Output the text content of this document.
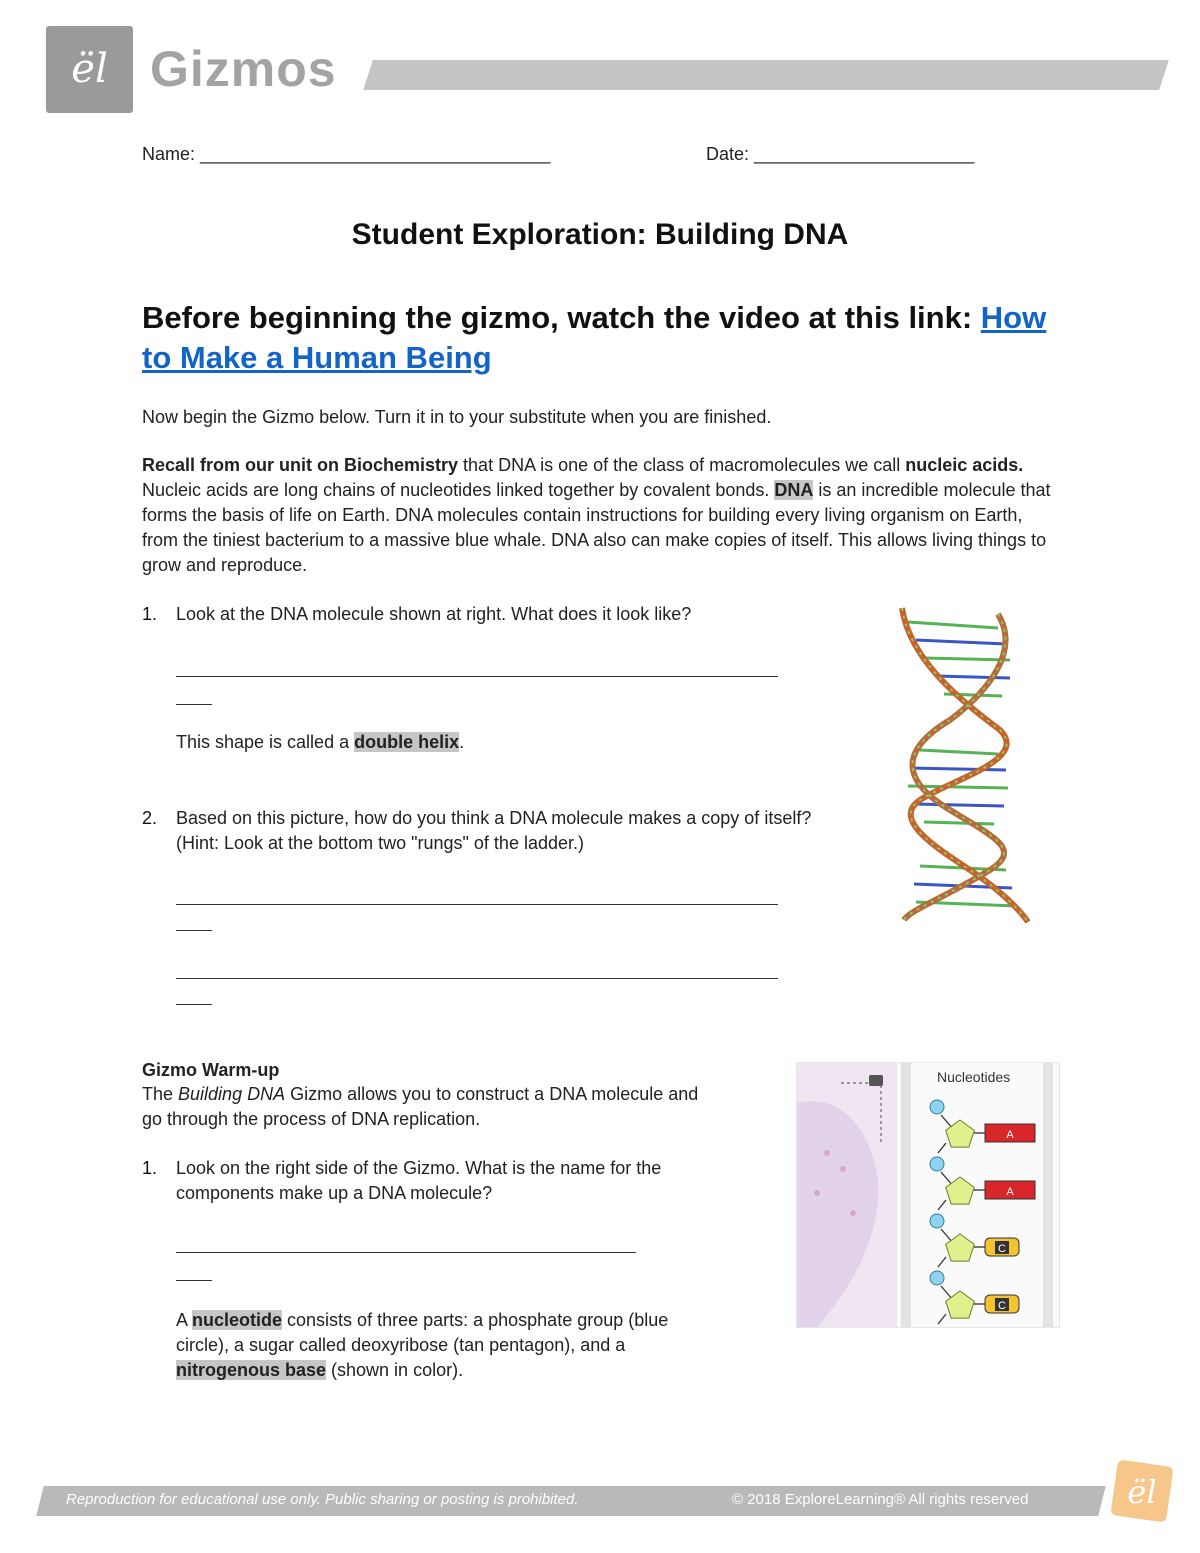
ël Gizmos
Name: ___________________________________	Date: ______________________
Student Exploration: Building DNA
Before beginning the gizmo, watch the video at this link: How to Make a Human Being
Now begin the Gizmo below. Turn it in to your substitute when you are finished.
Recall from our unit on Biochemistry that DNA is one of the class of macromolecules we call nucleic acids. Nucleic acids are long chains of nucleotides linked together by covalent bonds. DNA is an incredible molecule that forms the basis of life on Earth. DNA molecules contain instructions for building every living organism on Earth, from the tiniest bacterium to a massive blue whale. DNA also can make copies of itself. This allows living things to grow and reproduce.
1. Look at the DNA molecule shown at right. What does it look like?
This shape is called a double helix.
2. Based on this picture, how do you think a DNA molecule makes a copy of itself? (Hint: Look at the bottom two "rungs" of the ladder.)
Gizmo Warm-up
The Building DNA Gizmo allows you to construct a DNA molecule and go through the process of DNA replication.
1. Look on the right side of the Gizmo. What is the name for the components make up a DNA molecule?
A nucleotide consists of three parts: a phosphate group (blue circle), a sugar called deoxyribose (tan pentagon), and a nitrogenous base (shown in color).
Nucleotides
A
A
C
C
Reproduction for educational use only. Public sharing or posting is prohibited.	© 2018 ExploreLearning® All rights reserved	ël
